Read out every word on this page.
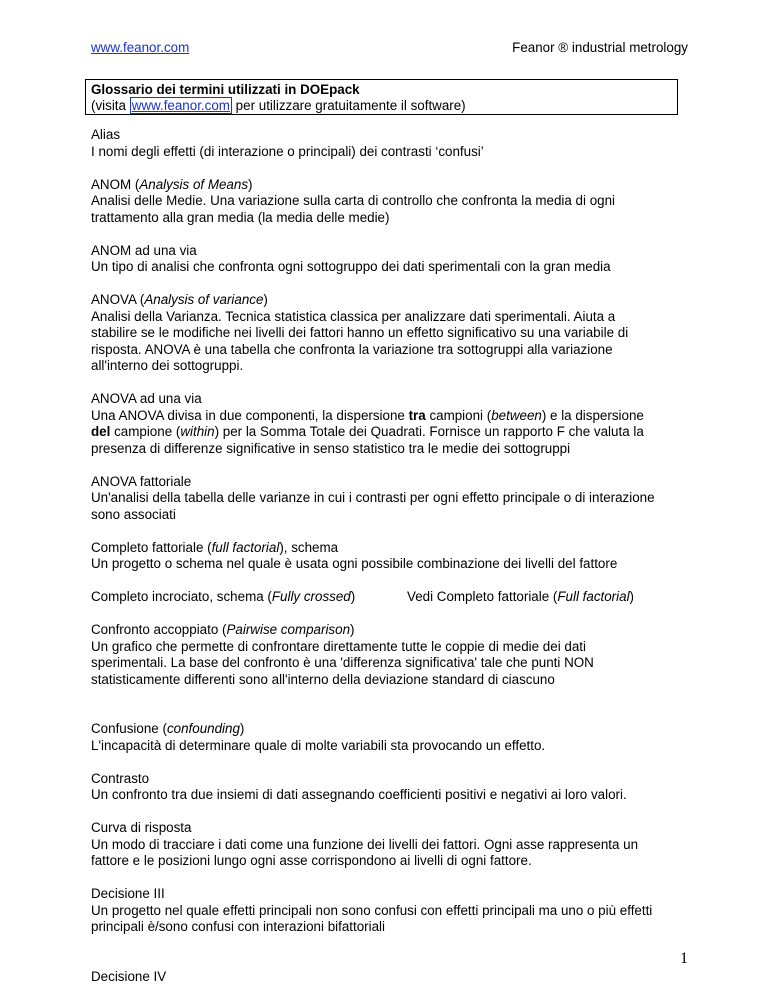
www.feanor.com	Feanor ® industrial metrology
Glossario dei termini utilizzati in DOEpack
(visita www.feanor.com per utilizzare gratuitamente il software)

Alias

I nomi degli effetti (di interazione o principali) dei contrasti ‘confusi’

ANOM (Analysis of Means)

Analisi delle Medie. Una variazione sulla carta di controllo che confronta la media di ogni

trattamento alla gran media (la media delle medie)

ANOM ad una via

Un tipo di analisi che confronta ogni sottogruppo dei dati sperimentali con la gran media

ANOVA (Analysis of variance)

Analisi della Varianza. Tecnica statistica classica per analizzare dati sperimentali. Aiuta a

stabilire se le modifiche nei livelli dei fattori hanno un effetto significativo su una variabile di

risposta. ANOVA è una tabella che confronta la variazione tra sottogruppi alla variazione

all'interno dei sottogruppi.

ANOVA ad una via

Una ANOVA divisa in due componenti, la dispersione tra campioni (between) e la dispersione

del campione (within) per la Somma Totale dei Quadrati. Fornisce un rapporto F che valuta la

presenza di differenze significative in senso statistico tra le medie dei sottogruppi

ANOVA fattoriale

Un'analisi della tabella delle varianze in cui i contrasti per ogni effetto principale o di interazione

sono associati

Completo fattoriale (full factorial), schema

Un progetto o schema nel quale è usata ogni possibile combinazione dei livelli del fattore

Completo incrociato, schema (Fully crossed)	Vedi Completo fattoriale (Full factorial)

Confronto accoppiato (Pairwise comparison)

Un grafico che permette di confrontare direttamente tutte le coppie di medie dei dati

sperimentali. La base del confronto è una 'differenza significativa' tale che punti NON

statisticamente differenti sono all'interno della deviazione standard di ciascuno

Confusione (confounding)

L'incapacità di determinare quale di molte variabili sta provocando un effetto.

Contrasto

Un confronto tra due insiemi di dati assegnando coefficienti positivi e negativi ai loro valori.

Curva di risposta

Un modo di tracciare i dati come una funzione dei livelli dei fattori. Ogni asse rappresenta un

fattore e le posizioni lungo ogni asse corrispondono ai livelli di ogni fattore.

Decisione III

Un progetto nel quale effetti principali non sono confusi con effetti principali ma uno o più effetti

principali è/sono confusi con interazioni bifattoriali

Decisione IV

1
